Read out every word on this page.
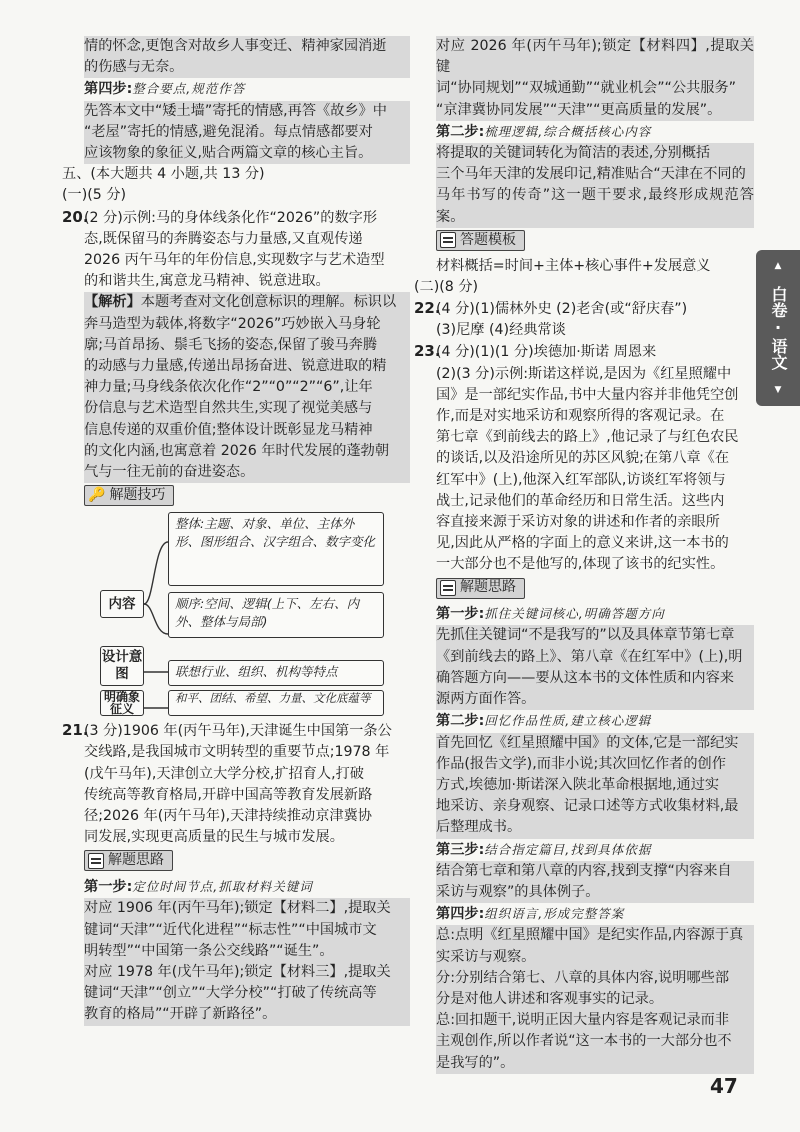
情的怀念,更饱含对故乡人事变迁、精神家园消逝
的伤感与无奈。
第四步:整合要点,规范作答
先答本文中“矮土墙”寄托的情感,再答《故乡》中
“老屋”寄托的情感,避免混淆。每点情感都要对
应该物象的象征义,贴合两篇文章的核心主旨。
五、(本大题共 4 小题,共 13 分)
(一)(5 分)
20.(2 分)示例:马的身体线条化作“2026”的数字形
态,既保留马的奔腾姿态与力量感,又直观传递
2026 丙午马年的年份信息,实现数字与艺术造型
的和谐共生,寓意龙马精神、锐意进取。
【解析】本题考查对文化创意标识的理解。标识以
奔马造型为载体,将数字“2026”巧妙嵌入马身轮
廓;马首昂扬、鬃毛飞扬的姿态,保留了骏马奔腾
的动感与力量感,传递出昂扬奋进、锐意进取的精
神力量;马身线条依次化作“2”“0”“2”“6”,让年
份信息与艺术造型自然共生,实现了视觉美感与
信息传递的双重价值;整体设计既彰显龙马精神
的文化内涵,也寓意着 2026 年时代发展的蓬勃朝
气与一往无前的奋进姿态。
🔑 解题技巧
整体:主题、对象、单位、主体外形、图形组合、汉字组合、数字变化
内容	顺序:空间、逻辑(上下、左右、内外、整体与局部)
设计意图	联想行业、组织、机构等特点
明确象征义
和平、团结、希望、力量、文化底蕴等
21.(3 分)1906 年(丙午马年),天津诞生中国第一条公
交线路,是我国城市文明转型的重要节点;1978 年
(戊午马年),天津创立大学分校,扩招育人,打破
传统高等教育格局,开辟中国高等教育发展新路
径;2026 年(丙午马年),天津持续推动京津冀协
同发展,实现更高质量的民生与城市发展。
解题思路
第一步:定位时间节点,抓取材料关键词
对应 1906 年(丙午马年);锁定【材料二】,提取关
键词“天津”“近代化进程”“标志性”“中国城市文
明转型”“中国第一条公交线路”“诞生”。
对应 1978 年(戊午马年);锁定【材料三】,提取关
键词“天津”“创立”“大学分校”“打破了传统高等
教育的格局”“开辟了新路径”。
对应 2026 年(丙午马年);锁定【材料四】,提取关键
词“协同规划”“双城通勤”“就业机会”“公共服务”
“京津冀协同发展”“天津”“更高质量的发展”。
第二步:梳理逻辑,综合概括核心内容
将提取的关键词转化为简洁的表述,分别概括
三个马年天津的发展印记,精准贴合“天津在不同的
马年书写的传奇”这一题干要求,最终形成规范答案。
答题模板
材料概括=时间+主体+核心事件+发展意义
(二)(8 分)
22.(4 分)(1)儒林外史 (2)老舍(或“舒庆春”)
(3)尼摩 (4)经典常谈
23.(4 分)(1)(1 分)埃德加·斯诺 周恩来
(2)(3 分)示例:斯诺这样说,是因为《红星照耀中
国》是一部纪实作品,书中大量内容并非他凭空创
作,而是对实地采访和观察所得的客观记录。在
第七章《到前线去的路上》,他记录了与红色农民
的谈话,以及沿途所见的苏区风貌;在第八章《在
红军中》(上),他深入红军部队,访谈红军将领与
战士,记录他们的革命经历和日常生活。这些内
容直接来源于采访对象的讲述和作者的亲眼所
见,因此从严格的字面上的意义来讲,这一本书的
一大部分也不是他写的,体现了该书的纪实性。
解题思路
第一步:抓住关键词核心,明确答题方向
先抓住关键词“不是我写的”以及具体章节第七章
《到前线去的路上》、第八章《在红军中》(上),明
确答题方向——要从这本书的文体性质和内容来
源两方面作答。
第二步:回忆作品性质,建立核心逻辑
首先回忆《红星照耀中国》的文体,它是一部纪实
作品(报告文学),而非小说;其次回忆作者的创作
方式,埃德加·斯诺深入陕北革命根据地,通过实
地采访、亲身观察、记录口述等方式收集材料,最
后整理成书。
第三步:结合指定篇目,找到具体依据
结合第七章和第八章的内容,找到支撑“内容来自
采访与观察”的具体例子。
第四步:组织语言,形成完整答案
总:点明《红星照耀中国》是纪实作品,内容源于真
实采访与观察。
分:分别结合第七、八章的具体内容,说明哪些部
分是对他人讲述和客观事实的记录。
总:回扣题干,说明正因大量内容是客观记录而非
主观创作,所以作者说“这一本书的一大部分也不
是我写的”。
▲
白卷
·
语文
▼
47
